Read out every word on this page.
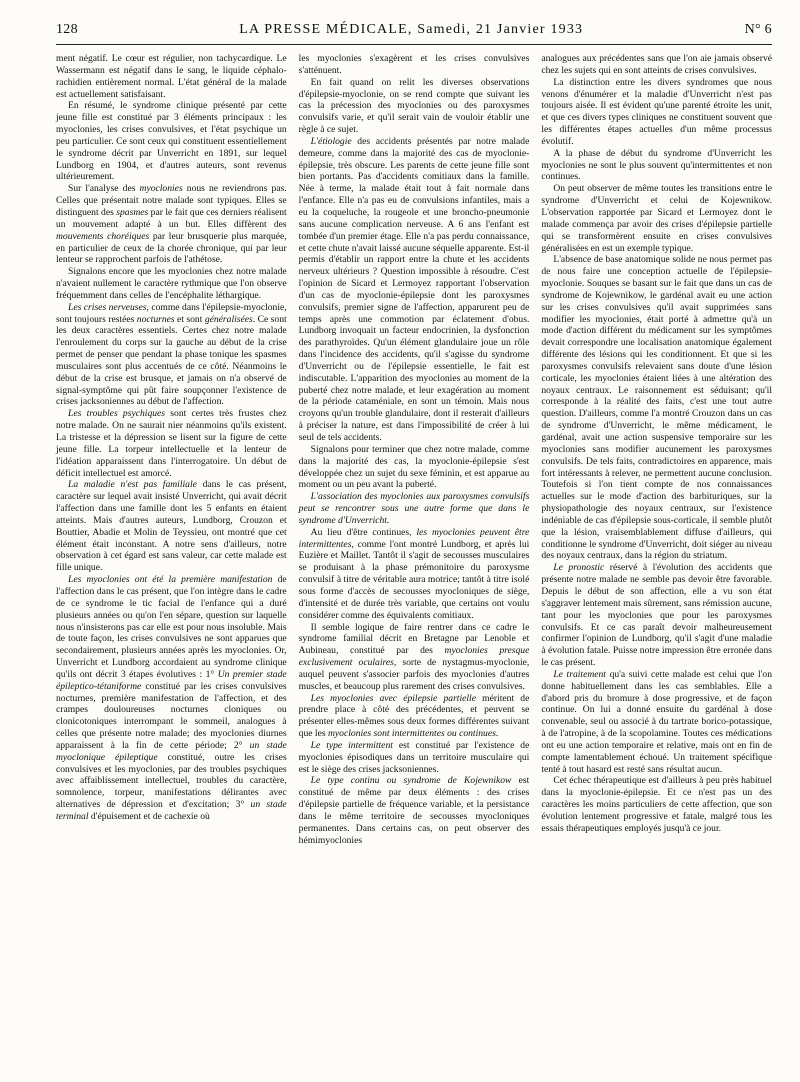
128	LA PRESSE MÉDICALE, Samedi, 21 Janvier 1933	N° 6

ment négatif. Le cœur est régulier, non tachycardique. Le Wassermann est négatif dans le sang, le liquide céphalo-rachidien entièrement normal. L'état général de la malade est actuellement satisfaisant.

En résumé, le syndrome clinique présenté par cette jeune fille est constitué par 3 éléments principaux : les myoclonies, les crises convulsives, et l'état psychique un peu particulier. Ce sont ceux qui constituent essentiellement le syndrome décrit par Unverricht en 1891, sur lequel Lundborg en 1904, et d'autres auteurs, sont revenus ultérieurement.

Sur l'analyse des myoclonies nous ne reviendrons pas. Celles que présentait notre malade sont typiques. Elles se distinguent des spasmes par le fait que ces derniers réalisent un mouvement adapté à un but. Elles diffèrent des mouvements choréiques par leur brusquerie plus marquée, en particulier de ceux de la chorée chronique, qui par leur lenteur se rapprochent parfois de l'athétose.

Signalons encore que les myoclonies chez notre malade n'avaient nullement le caractère rythmique que l'on observe fréquemment dans celles de l'encéphalite léthargique.

Les crises nerveuses, comme dans l'épilepsie-myoclonie, sont toujours restées nocturnes et sont généralisées. Ce sont les deux caractères essentiels. Certes chez notre malade l'enroulement du corps sur la gauche au début de la crise permet de penser que pendant la phase tonique les spasmes musculaires sont plus accentués de ce côté. Néanmoins le début de la crise est brusque, et jamais on n'a observé de signal-symptôme qui pût faire soupçonner l'existence de crises jacksoniennes au début de l'affection.

Les troubles psychiques sont certes très frustes chez notre malade. On ne saurait nier néanmoins qu'ils existent. La tristesse et la dépression se lisent sur la figure de cette jeune fille. La torpeur intellectuelle et la lenteur de l'idéation apparaissent dans l'interrogatoire. Un début de déficit intellectuel est amorcé.

La maladie n'est pas familiale dans le cas présent, caractère sur lequel avait insisté Unverricht, qui avait décrit l'affection dans une famille dont les 5 enfants en étaient atteints. Mais d'autres auteurs, Lundborg, Crouzon et Bouttier, Abadie et Molin de Teyssieu, ont montré que cet élément était inconstant. A notre sens d'ailleurs, notre observation à cet égard est sans valeur, car cette malade est fille unique.

Les myoclonies ont été la première manifestation de l'affection dans le cas présent, que l'on intègre dans le cadre de ce syndrome le tic facial de l'enfance qui a duré plusieurs années ou qu'on l'en sépare, question sur laquelle nous n'insisterons pas car elle est pour nous insoluble. Mais de toute façon, les crises convulsives ne sont apparues que secondairement, plusieurs années après les myoclonies. Or, Unverricht et Lundborg accordaient au syndrome clinique qu'ils ont décrit 3 étapes évolutives : 1° Un premier stade épileptico-tétaniforme constitué par les crises convulsives nocturnes, première manifestation de l'affection, et des crampes douloureuses nocturnes cloniques ou clonicotoniques interrompant le sommeil, analogues à celles que présente notre malade; des myoclonies diurnes apparaissent à la fin de cette période; 2° un stade myoclonique épileptique constitué, outre les crises convulsives et les myoclonies, par des troubles psychiques avec affaiblissement intellectuel, troubles du caractère, somnolence, torpeur, manifestations délirantes avec alternatives de dépression et d'excitation; 3° un stade terminal d'épuisement et de cachexie où

les myoclonies s'exagèrent et les crises convulsives s'atténuent.

En fait quand on relit les diverses observations d'épilepsie-myoclonie, on se rend compte que suivant les cas la précession des myoclonies ou des paroxysmes convulsifs varie, et qu'il serait vain de vouloir établir une règle à ce sujet.

L'étiologie des accidents présentés par notre malade demeure, comme dans la majorité des cas de myoclonie-épilepsie, très obscure. Les parents de cette jeune fille sont bien portants. Pas d'accidents comitiaux dans la famille. Née à terme, la malade était tout à fait normale dans l'enfance. Elle n'a pas eu de convulsions infantiles, mais a eu la coqueluche, la rougeole et une broncho-pneumonie sans aucune complication nerveuse. A 6 ans l'enfant est tombée d'un premier étage. Elle n'a pas perdu connaissance, et cette chute n'avait laissé aucune séquelle apparente. Est-il permis d'établir un rapport entre la chute et les accidents nerveux ultérieurs ? Question impossible à résoudre. C'est l'opinion de Sicard et Lermoyez rapportant l'observation d'un cas de myoclonie-épilepsie dont les paroxysmes convulsifs, premier signe de l'affection, apparurent peu de temps après une commotion par éclatement d'obus. Lundborg invoquait un facteur endocrinien, la dysfonction des parathyroïdes. Qu'un élément glandulaire joue un rôle dans l'incidence des accidents, qu'il s'agisse du syndrome d'Unverricht ou de l'épilepsie essentielle, le fait est indiscutable. L'apparition des myoclonies au moment de la puberté chez notre malade, et leur exagération au moment de la période cataméniale, en sont un témoin. Mais nous croyons qu'un trouble glandulaire, dont il resterait d'ailleurs à préciser la nature, est dans l'impossibilité de créer à lui seul de tels accidents.

Signalons pour terminer que chez notre malade, comme dans la majorité des cas, la myoclonie-épilepsie s'est développée chez un sujet du sexe féminin, et est apparue au moment ou un peu avant la puberté.

L'association des myoclonies aux paroxysmes convulsifs peut se rencontrer sous une autre forme que dans le syndrome d'Unverricht.

Au lieu d'être continues, les myoclonies peuvent être intermittentes, comme l'ont montré Lundborg, et après lui Euzière et Maillet. Tantôt il s'agit de secousses musculaires se produisant à la phase prémonitoire du paroxysme convulsif à titre de véritable aura motrice; tantôt à titre isolé sous forme d'accès de secousses myocloniques de siège, d'intensité et de durée très variable, que certains ont voulu considérer comme des équivalents comitiaux.

Il semble logique de faire rentrer dans ce cadre le syndrome familial décrit en Bretagne par Lenoble et Aubineau, constitué par des myoclonies presque exclusivement oculaires, sorte de nystagmus-myoclonie, auquel peuvent s'associer parfois des myoclonies d'autres muscles, et beaucoup plus rarement des crises convulsives.

Les myoclonies avec épilepsie partielle méritent de prendre place à côté des précédentes, et peuvent se présenter elles-mêmes sous deux formes différentes suivant que les myoclonies sont intermittentes ou continues.

Le type intermittent est constitué par l'existence de myoclonies épisodiques dans un territoire musculaire qui est le siège des crises jacksoniennes.

Le type continu ou syndrome de Kojewnikow est constitué de même par deux éléments : des crises d'épilepsie partielle de fréquence variable, et la persistance dans le même territoire de secousses myocloniques permanentes. Dans certains cas, on peut observer des hémimyoclonies

analogues aux précédentes sans que l'on aie jamais observé chez les sujets qui en sont atteints de crises convulsives.

La distinction entre les divers syndromes que nous venons d'énumérer et la maladie d'Unverricht n'est pas toujours aisée. Il est évident qu'une parenté étroite les unit, et que ces divers types cliniques ne constituent souvent que les différentes étapes actuelles d'un même processus évolutif.

A la phase de début du syndrome d'Unverricht les myoclonies ne sont le plus souvent qu'intermittentes et non continues.

On peut observer de même toutes les transitions entre le syndrome d'Unverricht et celui de Kojewnikow. L'observation rapportée par Sicard et Lermoyez dont le malade commença par avoir des crises d'épilepsie partielle qui se transformèrent ensuite en crises convulsives généralisées en est un exemple typique.

L'absence de base anatomique solide ne nous permet pas de nous faire une conception actuelle de l'épilepsie-myoclonie. Souques se basant sur le fait que dans un cas de syndrome de Kojewnikow, le gardénal avait eu une action sur les crises convulsives qu'il avait supprimées sans modifier les myoclonies, était porté à admettre qu'à un mode d'action différent du médicament sur les symptômes devait correspondre une localisation anatomique également différente des lésions qui les conditionnent. Et que si les paroxysmes convulsifs relevaient sans doute d'une lésion corticale, les myoclonies étaient liées à une altération des noyaux centraux. Le raisonnement est séduisant; qu'il corresponde à la réalité des faits, c'est une tout autre question. D'ailleurs, comme l'a montré Crouzon dans un cas de syndrome d'Unverricht, le même médicament, le gardénal, avait une action suspensive temporaire sur les myoclonies sans modifier aucunement les paroxysmes convulsifs. De tels faits, contradictoires en apparence, mais fort intéressants à relever, ne permettent aucune conclusion. Toutefois si l'on tient compte de nos connaissances actuelles sur le mode d'action des barbituriques, sur la physiopathologie des noyaux centraux, sur l'existence indéniable de cas d'épilepsie sous-corticale, il semble plutôt que la lésion, vraisemblablement diffuse d'ailleurs, qui conditionne le syndrome d'Unverricht, doit siéger au niveau des noyaux centraux, dans la région du striatum.

Le pronostic réservé à l'évolution des accidents que présente notre malade ne semble pas devoir être favorable. Depuis le début de son affection, elle a vu son état s'aggraver lentement mais sûrement, sans rémission aucune, tant pour les myoclonies que pour les paroxysmes convulsifs. Et ce cas paraît devoir malheureusement confirmer l'opinion de Lundborg, qu'il s'agit d'une maladie à évolution fatale. Puisse notre impression être erronée dans le cas présent.

Le traitement qu'a suivi cette malade est celui que l'on donne habituellement dans les cas semblables. Elle a d'abord pris du bromure à dose progressive, et de façon continue. On lui a donné ensuite du gardénal à dose convenable, seul ou associé à du tartrate borico-potassique, à de l'atropine, à de la scopolamine. Toutes ces médications ont eu une action temporaire et relative, mais ont en fin de compte lamentablement échoué. Un traitement spécifique tenté à tout hasard est resté sans résultat aucun.

Cet échec thérapeutique est d'ailleurs à peu près habituel dans la myoclonie-épilepsie. Et ce n'est pas un des caractères les moins particuliers de cette affection, que son évolution lentement progressive et fatale, malgré tous les essais thérapeutiques employés jusqu'à ce jour.
